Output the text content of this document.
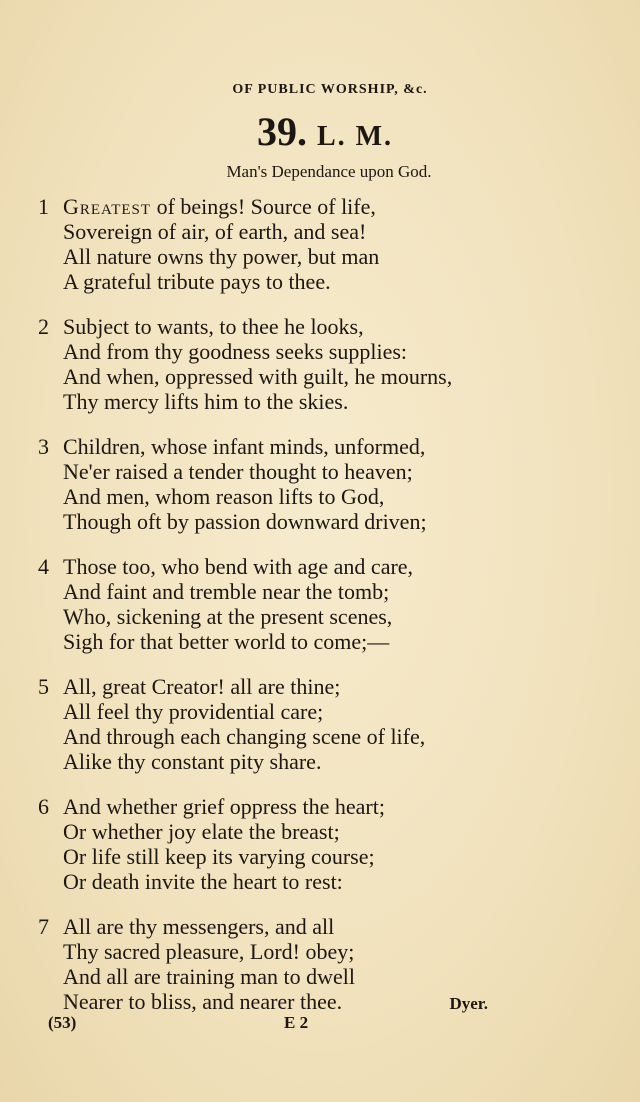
OF PUBLIC WORSHIP, &c.
39. L. M.
Man's Dependance upon God.
1 Greatest of beings! Source of life,
Sovereign of air, of earth, and sea!
All nature owns thy power, but man
A grateful tribute pays to thee.
2 Subject to wants, to thee he looks,
And from thy goodness seeks supplies:
And when, oppressed with guilt, he mourns,
Thy mercy lifts him to the skies.
3 Children, whose infant minds, unformed,
Ne'er raised a tender thought to heaven;
And men, whom reason lifts to God,
Though oft by passion downward driven;
4 Those too, who bend with age and care,
And faint and tremble near the tomb;
Who, sickening at the present scenes,
Sigh for that better world to come;—
5 All, great Creator! all are thine;
All feel thy providential care;
And through each changing scene of life,
Alike thy constant pity share.
6 And whether grief oppress the heart;
Or whether joy elate the breast;
Or life still keep its varying course;
Or death invite the heart to rest:
7 All are thy messengers, and all
Thy sacred pleasure, Lord! obey;
And all are training man to dwell
Nearer to bliss, and nearer thee.	Dyer.
(53)	E 2
